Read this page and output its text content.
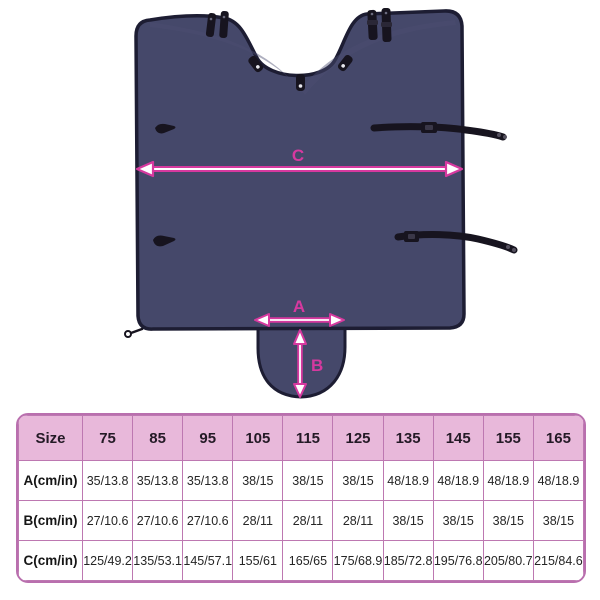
C
A
B
Size	75	85	95	105	115	125	135	145	155	165
A(cm/in)	35/13.8	35/13.8	35/13.8	38/15	38/15	38/15	48/18.9	48/18.9	48/18.9	48/18.9
B(cm/in)	27/10.6	27/10.6	27/10.6	28/11	28/11	28/11	38/15	38/15	38/15	38/15
C(cm/in)	125/49.2	135/53.1	145/57.1	155/61	165/65	175/68.9	185/72.8	195/76.8	205/80.7	215/84.6
